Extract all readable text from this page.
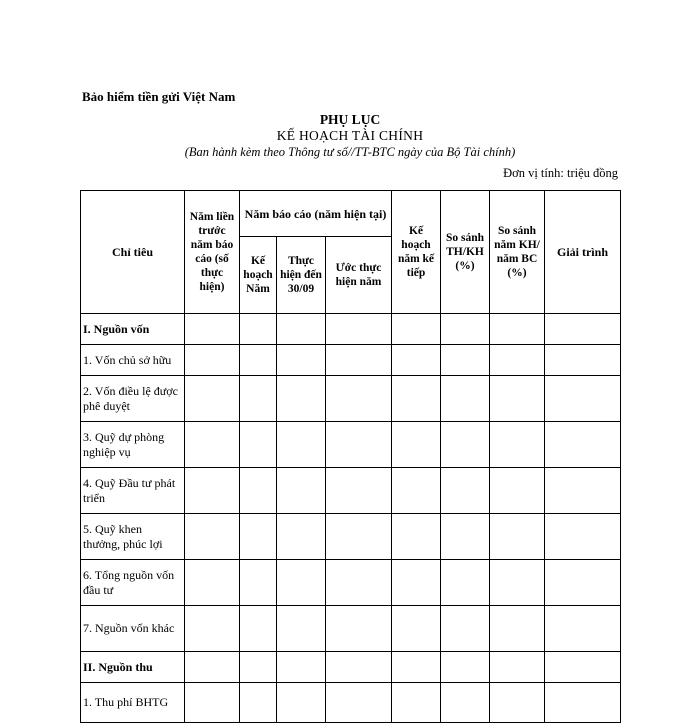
Bảo hiểm tiền gửi Việt Nam
PHỤ LỤC
KẾ HOẠCH TÀI CHÍNH
(Ban hành kèm theo Thông tư số//TT-BTC ngày của Bộ Tài chính)
Đơn vị tính: triệu đồng
Chỉ tiêu	Năm liền trước năm báo cáo (số thực hiện)	Năm báo cáo (năm hiện tại)			Kế hoạch năm kế tiếp	So sánh TH/KH (%)	So sánh năm KH/ năm BC (%)	Giải trình
		Kế hoạch Năm	Thực hiện đến 30/09	Ước thực hiện năm				
I. Nguồn vốn								
1. Vốn chủ sở hữu								
2. Vốn điều lệ được phê duyệt								
3. Quỹ dự phòng nghiệp vụ								
4. Quỹ Đầu tư phát triển								
5. Quỹ khen thưởng, phúc lợi								
6. Tổng nguồn vốn đầu tư								
7. Nguồn vốn khác								
II. Nguồn thu								
1. Thu phí BHTG								
